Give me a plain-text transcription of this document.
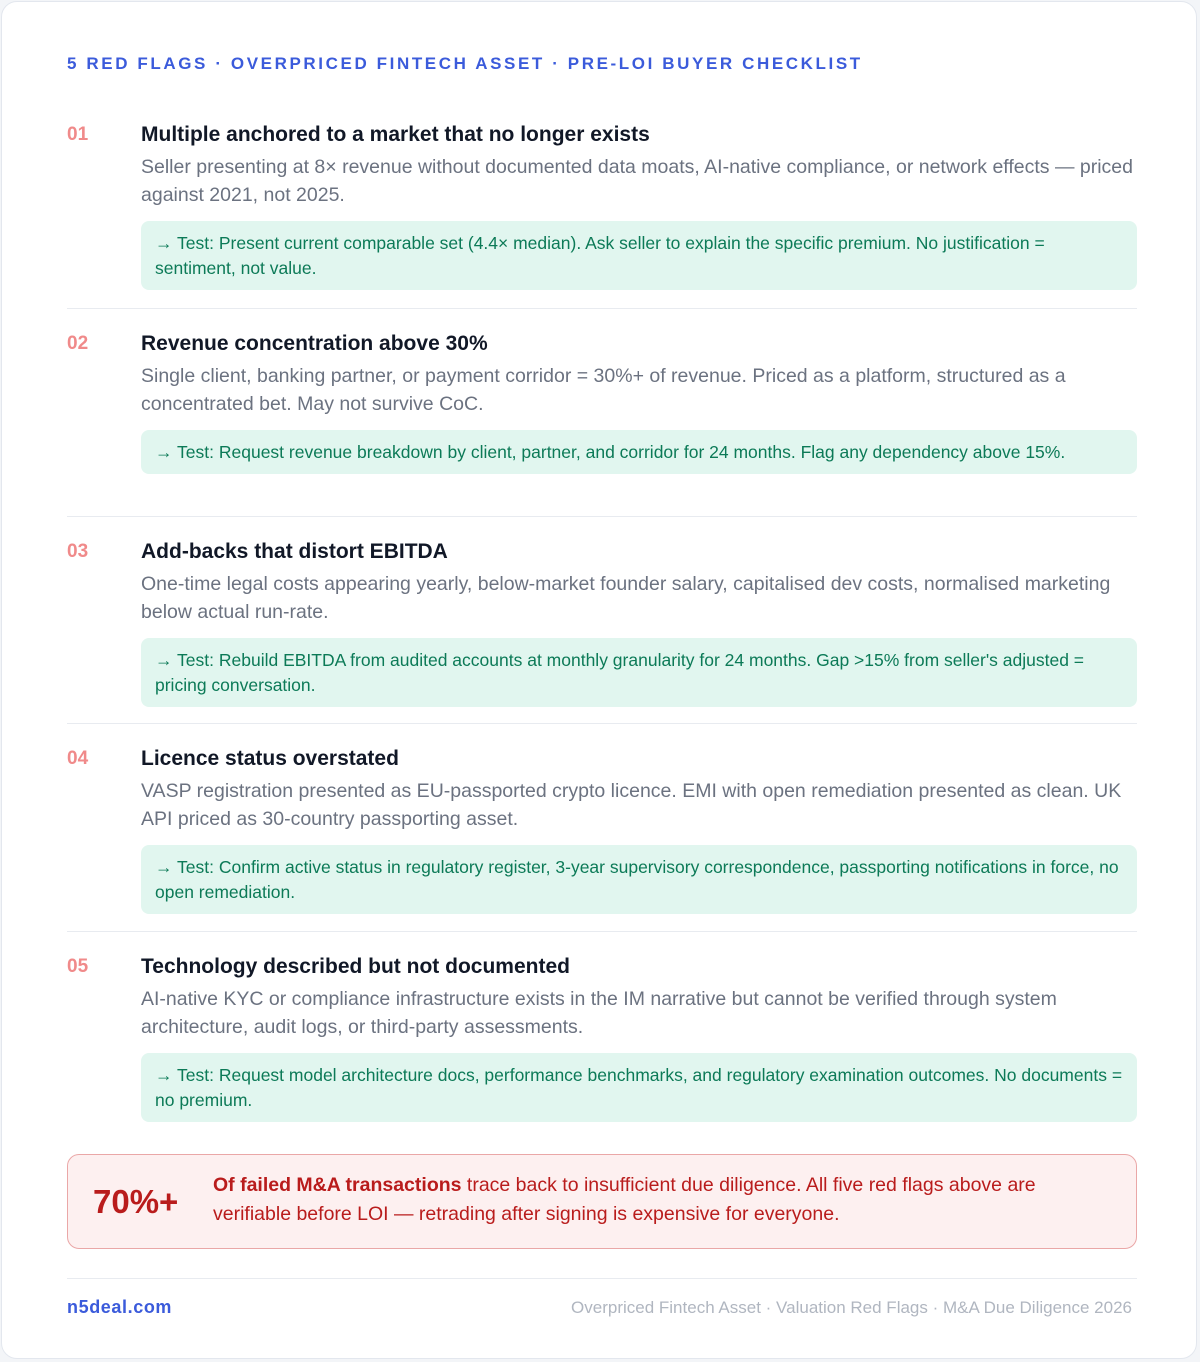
5 RED FLAGS · OVERPRICED FINTECH ASSET · PRE-LOI BUYER CHECKLIST
01	Multiple anchored to a market that no longer exists
Seller presenting at 8× revenue without documented data moats, AI-native compliance, or network effects — priced against 2021, not 2025.
→ Test: Present current comparable set (4.4× median). Ask seller to explain the specific premium. No justification = sentiment, not value.
02	Revenue concentration above 30%
Single client, banking partner, or payment corridor = 30%+ of revenue. Priced as a platform, structured as a concentrated bet. May not survive CoC.
→ Test: Request revenue breakdown by client, partner, and corridor for 24 months. Flag any dependency above 15%.
03	Add-backs that distort EBITDA
One-time legal costs appearing yearly, below-market founder salary, capitalised dev costs, normalised marketing below actual run-rate.
→ Test: Rebuild EBITDA from audited accounts at monthly granularity for 24 months. Gap >15% from seller's adjusted = pricing conversation.
04	Licence status overstated
VASP registration presented as EU-passported crypto licence. EMI with open remediation presented as clean. UK API priced as 30-country passporting asset.
→ Test: Confirm active status in regulatory register, 3-year supervisory correspondence, passporting notifications in force, no open remediation.
05	Technology described but not documented
AI-native KYC or compliance infrastructure exists in the IM narrative but cannot be verified through system architecture, audit logs, or third-party assessments.
→ Test: Request model architecture docs, performance benchmarks, and regulatory examination outcomes. No documents = no premium.
70%+ Of failed M&A transactions trace back to insufficient due diligence. All five red flags above are verifiable before LOI — retrading after signing is expensive for everyone.
n5deal.com	Overpriced Fintech Asset · Valuation Red Flags · M&A Due Diligence 2026
